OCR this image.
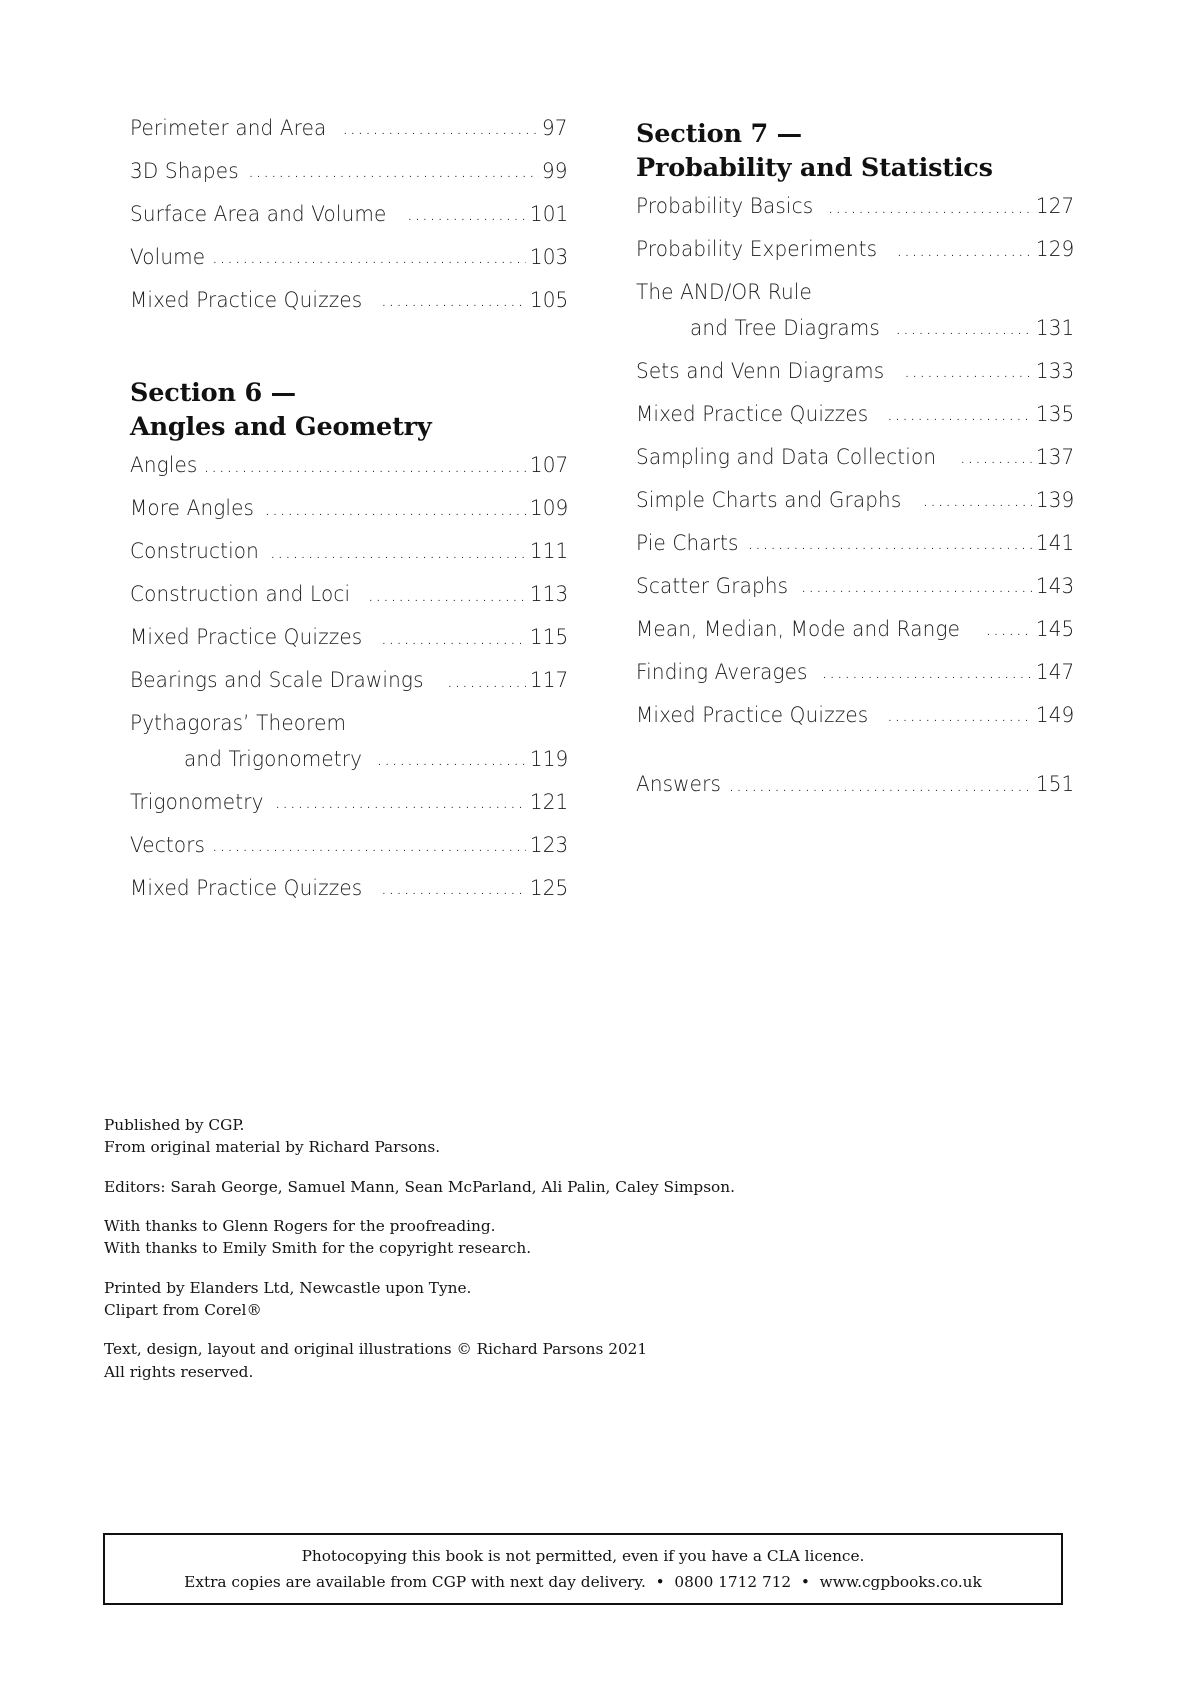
Perimeter and Area .....	97
3D Shapes .....	99
Surface Area and Volume .....	101
Volume .....	103
Mixed Practice Quizzes .....	105
Section 6 —
Angles and Geometry
Angles .....	107
More Angles .....	109
Construction .....	111
Construction and Loci .....	113
Mixed Practice Quizzes .....	115
Bearings and Scale Drawings .....	117
Pythagoras’ Theorem
and Trigonometry .....	119
Trigonometry .....	121
Vectors .....	123
Mixed Practice Quizzes .....	125
Section 7 —
Probability and Statistics
Probability Basics .....	127
Probability Experiments .....	129
The AND/OR Rule
and Tree Diagrams .....	131
Sets and Venn Diagrams .....	133
Mixed Practice Quizzes .....	135
Sampling and Data Collection .....	137
Simple Charts and Graphs .....	139
Pie Charts .....	141
Scatter Graphs .....	143
Mean, Median, Mode and Range .....	145
Finding Averages .....	147
Mixed Practice Quizzes .....	149
Answers .....	151

Published by CGP.
From original material by Richard Parsons.

Editors: Sarah George, Samuel Mann, Sean McParland, Ali Palin, Caley Simpson.

With thanks to Glenn Rogers for the proofreading.
With thanks to Emily Smith for the copyright research.

Printed by Elanders Ltd, Newcastle upon Tyne.
Clipart from Corel®

Text, design, layout and original illustrations © Richard Parsons 2021
All rights reserved.

Photocopying this book is not permitted, even if you have a CLA licence.
Extra copies are available from CGP with next day delivery.  •  0800 1712 712  •  www.cgpbooks.co.uk
